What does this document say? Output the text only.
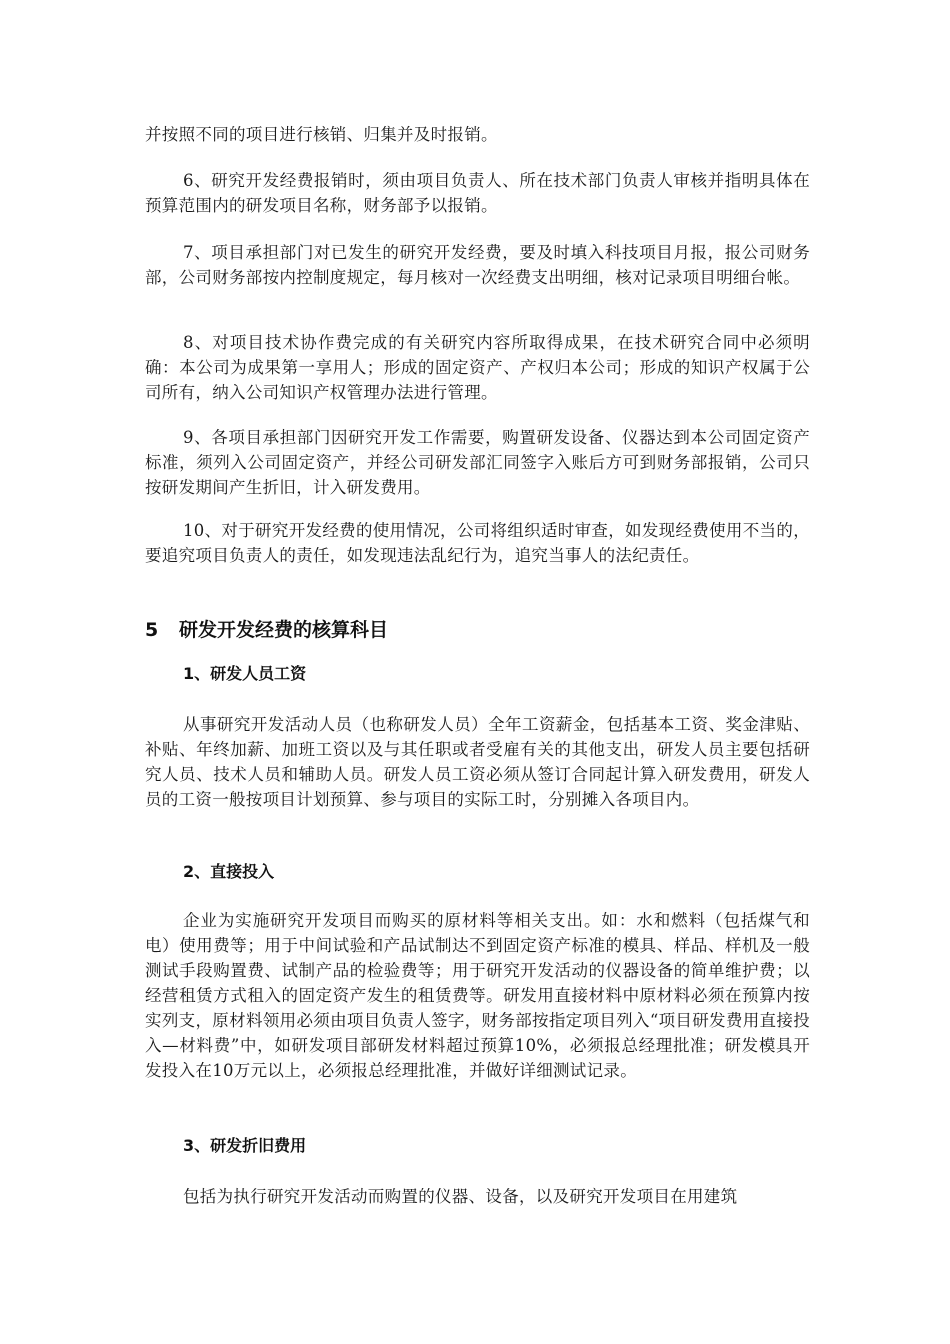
并按照不同的项目进行核销、归集并及时报销。

6、研究开发经费报销时，须由项目负责人、所在技术部门负责人审核并指明具体在预算范围内的研发项目名称，财务部予以报销。

7、项目承担部门对已发生的研究开发经费，要及时填入科技项目月报，报公司财务部，公司财务部按内控制度规定，每月核对一次经费支出明细，核对记录项目明细台帐。

8、对项目技术协作费完成的有关研究内容所取得成果，在技术研究合同中必须明确：本公司为成果第一享用人；形成的固定资产、产权归本公司；形成的知识产权属于公司所有，纳入公司知识产权管理办法进行管理。

9、各项目承担部门因研究开发工作需要，购置研发设备、仪器达到本公司固定资产标准，须列入公司固定资产，并经公司研发部汇同签字入账后方可到财务部报销，公司只按研发期间产生折旧，计入研发费用。

10、对于研究开发经费的使用情况，公司将组织适时审查，如发现经费使用不当的，要追究项目负责人的责任，如发现违法乱纪行为，追究当事人的法纪责任。

5 研发开发经费的核算科目
1、研发人员工资

从事研究开发活动人员（也称研发人员）全年工资薪金，包括基本工资、奖金津贴、补贴、年终加薪、加班工资以及与其任职或者受雇有关的其他支出，研发人员主要包括研究人员、技术人员和辅助人员。研发人员工资必须从签订合同起计算入研发费用，研发人员的工资一般按项目计划预算、参与项目的实际工时，分别摊入各项目内。

2、直接投入

企业为实施研究开发项目而购买的原材料等相关支出。如：水和燃料（包括煤气和电）使用费等；用于中间试验和产品试制达不到固定资产标准的模具、样品、样机及一般测试手段购置费、试制产品的检验费等；用于研究开发活动的仪器设备的简单维护费；以经营租赁方式租入的固定资产发生的租赁费等。研发用直接材料中原材料必须在预算内按实列支，原材料领用必须由项目负责人签字，财务部按指定项目列入“项目研发费用直接投入—材料费”中，如研发项目部研发材料超过预算10%，必须报总经理批准；研发模具开发投入在10万元以上，必须报总经理批准，并做好详细测试记录。

3、研发折旧费用

包括为执行研究开发活动而购置的仪器、设备，以及研究开发项目在用建筑
